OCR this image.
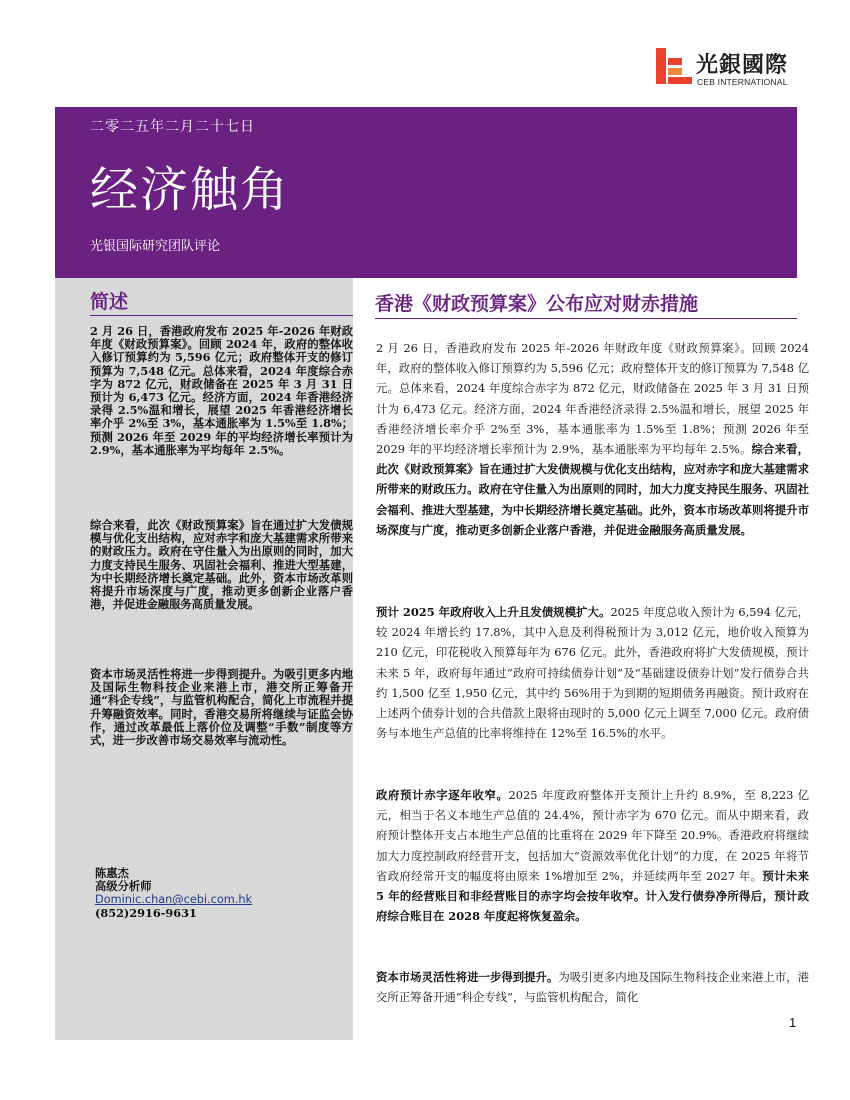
光銀國際
CEB INTERNATIONAL
二零二五年二月二十七日
经济触角
光银国际研究团队评论
简述
2 月 26 日，香港政府发布 2025 年-2026 年财政年度《财政预算案》。回顾 2024 年，政府的整体收入修订预算约为 5,596 亿元；政府整体开支的修订预算为 7,548 亿元。总体来看，2024 年度综合赤字为 872 亿元，财政储备在 2025 年 3 月 31 日预计为 6,473 亿元。经济方面，2024 年香港经济录得 2.5%温和增长，展望 2025 年香港经济增长率介乎 2%至 3%，基本通胀率为 1.5%至 1.8%；预测 2026 年至 2029 年的平均经济增长率预计为 2.9%，基本通胀率为平均每年 2.5%。
综合来看，此次《财政预算案》旨在通过扩大发债规模与优化支出结构，应对赤字和庞大基建需求所带来的财政压力。政府在守住量入为出原则的同时，加大力度支持民生服务、巩固社会福利、推进大型基建，为中长期经济增长奠定基础。此外，资本市场改革则将提升市场深度与广度，推动更多创新企业落户香港，并促进金融服务高质量发展。
资本市场灵活性将进一步得到提升。为吸引更多内地及国际生物科技企业来港上市，港交所正筹备开通“科企专线”，与监管机构配合，简化上市流程并提升筹融资效率。同时，香港交易所将继续与证监会协作，通过改革最低上落价位及调整“手数”制度等方式，进一步改善市场交易效率与流动性。
陈惠杰
高级分析师
Dominic.chan@cebi.com.hk
(852)2916-9631
香港《财政预算案》公布应对财赤措施
2 月 26 日，香港政府发布 2025 年-2026 年财政年度《财政预算案》。回顾 2024 年，政府的整体收入修订预算约为 5,596 亿元；政府整体开支的修订预算为 7,548 亿元。总体来看，2024 年度综合赤字为 872 亿元，财政储备在 2025 年 3 月 31 日预计为 6,473 亿元。经济方面，2024 年香港经济录得 2.5%温和增长，展望 2025 年香港经济增长率介乎 2%至 3%，基本通胀率为 1.5%至 1.8%；预测 2026 年至 2029 年的平均经济增长率预计为 2.9%，基本通胀率为平均每年 2.5%。综合来看，此次《财政预算案》旨在通过扩大发债规模与优化支出结构，应对赤字和庞大基建需求所带来的财政压力。政府在守住量入为出原则的同时，加大力度支持民生服务、巩固社会福利、推进大型基建，为中长期经济增长奠定基础。此外，资本市场改革则将提升市场深度与广度，推动更多创新企业落户香港，并促进金融服务高质量发展。
预计 2025 年政府收入上升且发债规模扩大。2025 年度总收入预计为 6,594 亿元，较 2024 年增长约 17.8%，其中入息及利得税预计为 3,012 亿元，地价收入预算为 210 亿元，印花税收入预算每年为 676 亿元。此外，香港政府将扩大发债规模，预计未来 5 年，政府每年通过“政府可持续债券计划”及“基础建设债券计划”发行债券合共约 1,500 亿至 1,950 亿元，其中约 56%用于为到期的短期债务再融资。预计政府在上述两个债券计划的合共借款上限将由现时的 5,000 亿元上调至 7,000 亿元。政府债务与本地生产总值的比率将维持在 12%至 16.5%的水平。
政府预计赤字逐年收窄。2025 年度政府整体开支预计上升约 8.9%，至 8,223 亿元，相当于名义本地生产总值的 24.4%，预计赤字为 670 亿元。而从中期来看，政府预计整体开支占本地生产总值的比重将在 2029 年下降至 20.9%。香港政府将继续加大力度控制政府经营开支，包括加大“资源效率优化计划”的力度，在 2025 年将节省政府经常开支的幅度将由原来 1%增加至 2%，并延续两年至 2027 年。预计未来 5 年的经营账目和非经营账目的赤字均会按年收窄。计入发行债券净所得后，预计政府综合账目在 2028 年度起将恢复盈余。
资本市场灵活性将进一步得到提升。为吸引更多内地及国际生物科技企业来港上市，港交所正筹备开通“科企专线”，与监管机构配合，简化
1
